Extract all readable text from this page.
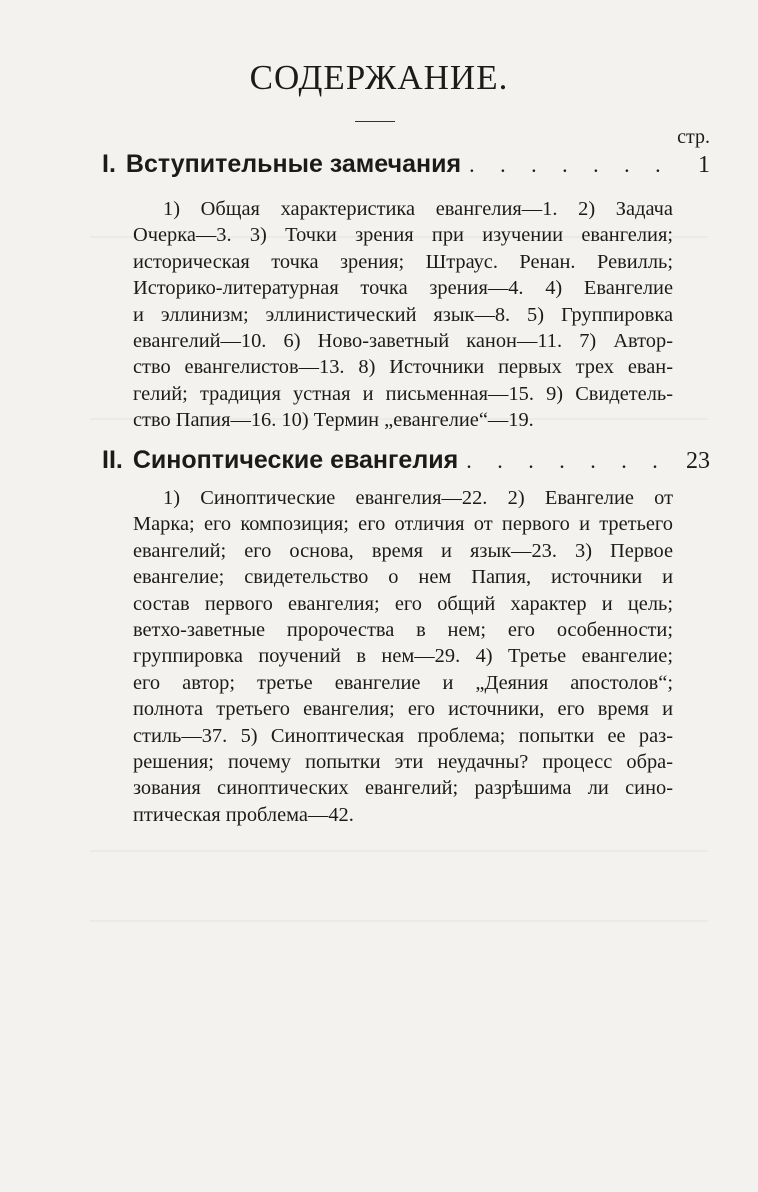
СОДЕРЖАНИЕ.
стр.
I. Вступительные замечания . . .	1

1) Общая характеристика евангелия—1. 2) Задача
Очерка—3. 3) Точки зрения при изучении евангелия;
историческая точка зрения; Штраус. Ренан. Ревилль;
Историко-литературная точка зрения—4. 4) Евангелие
и эллинизм; эллинистический язык—8. 5) Группировка
евангелий—10. 6) Ново-заветный канон—11. 7) Автор-
ство евангелистов—13. 8) Источники первых трех еван-
гелий; традиция устная и письменная—15. 9) Свидетель-
ство Папия—16. 10) Термин „евангелие“—19.

II. Синоптические евангелия . . .	23

1) Синоптические евангелия—22. 2) Евангелие от
Марка; его композиция; его отличия от первого и третьего
евангелий; его основа, время и язык—23. 3) Первое
евангелие; свидетельство о нем Папия, источники и
состав первого евангелия; его общий характер и цель;
ветхо-заветные пророчества в нем; его особенности;
группировка поучений в нем—29. 4) Третье евангелие;
его автор; третье евангелие и „Деяния апостолов“;
полнота третьего евангелия; его источники, его время и
стиль—37. 5) Синоптическая проблема; попытки ее раз-
решения; почему попытки эти неудачны? процесс обра-
зования синоптических евангелий; разрѣшима ли сино-
птическая проблема—42.
